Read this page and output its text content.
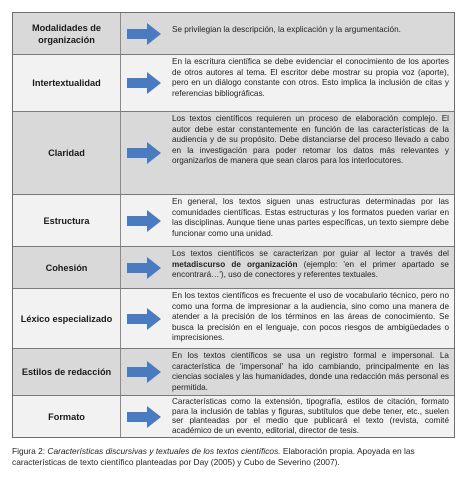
Modalidades de organización
Se privilegian la descripción, la explicación y la argumentación.
Intertextualidad
En la escritura científica se debe evidenciar el conocimiento de los aportes de otros autores al tema. El escritor debe mostrar su propia voz (aporte), pero en un diálogo constante con otros. Esto implica la inclusión de citas y referencias bibliográficas.
Claridad
Los textos científicos requieren un proceso de elaboración complejo. El autor debe estar constantemente en función de las características de la audiencia y de su propósito. Debe distanciarse del proceso llevado a cabo en la investigación para poder retomar los datos más relevantes y organizarlos de manera que sean claros para los interlocutores.
Estructura
En general, los textos siguen unas estructuras determinadas por las comunidades científicas. Estas estructuras y los formatos pueden variar en las disciplinas. Aunque tiene unas partes específicas, un texto siempre debe funcionar como una unidad.
Cohesión
Los textos científicos se caracterizan por guiar al lector a través del metadiscurso de organización (ejemplo: 'en el primer apartado se encontrará…'), uso de conectores y referentes textuales.
Léxico especializado
En los textos científicos es frecuente el uso de vocabulario técnico, pero no como una forma de impresionar a la audiencia, sino como una manera de atender a la precisión de los términos en las áreas de conocimiento. Se busca la precisión en el lenguaje, con pocos riesgos de ambigüedades o imprecisiones.
Estilos de redacción
En los textos científicos se usa un registro formal e impersonal. La característica de 'impersonal' ha ido cambiando, principalmente en las ciencias sociales y las humanidades, donde una redacción más personal es permitida.
Formato
Características como la extensión, tipografía, estilos de citación, formato para la inclusión de tablas y figuras, subtítulos que debe tener, etc., suelen ser planteadas por el medio que publicará el texto (revista, comité académico de un evento, editorial, director de tesis.
Figura 2: Características discursivas y textuales de los textos científicos. Elaboración propia. Apoyada en las características de texto científico planteadas por Day (2005) y Cubo de Severino (2007).
